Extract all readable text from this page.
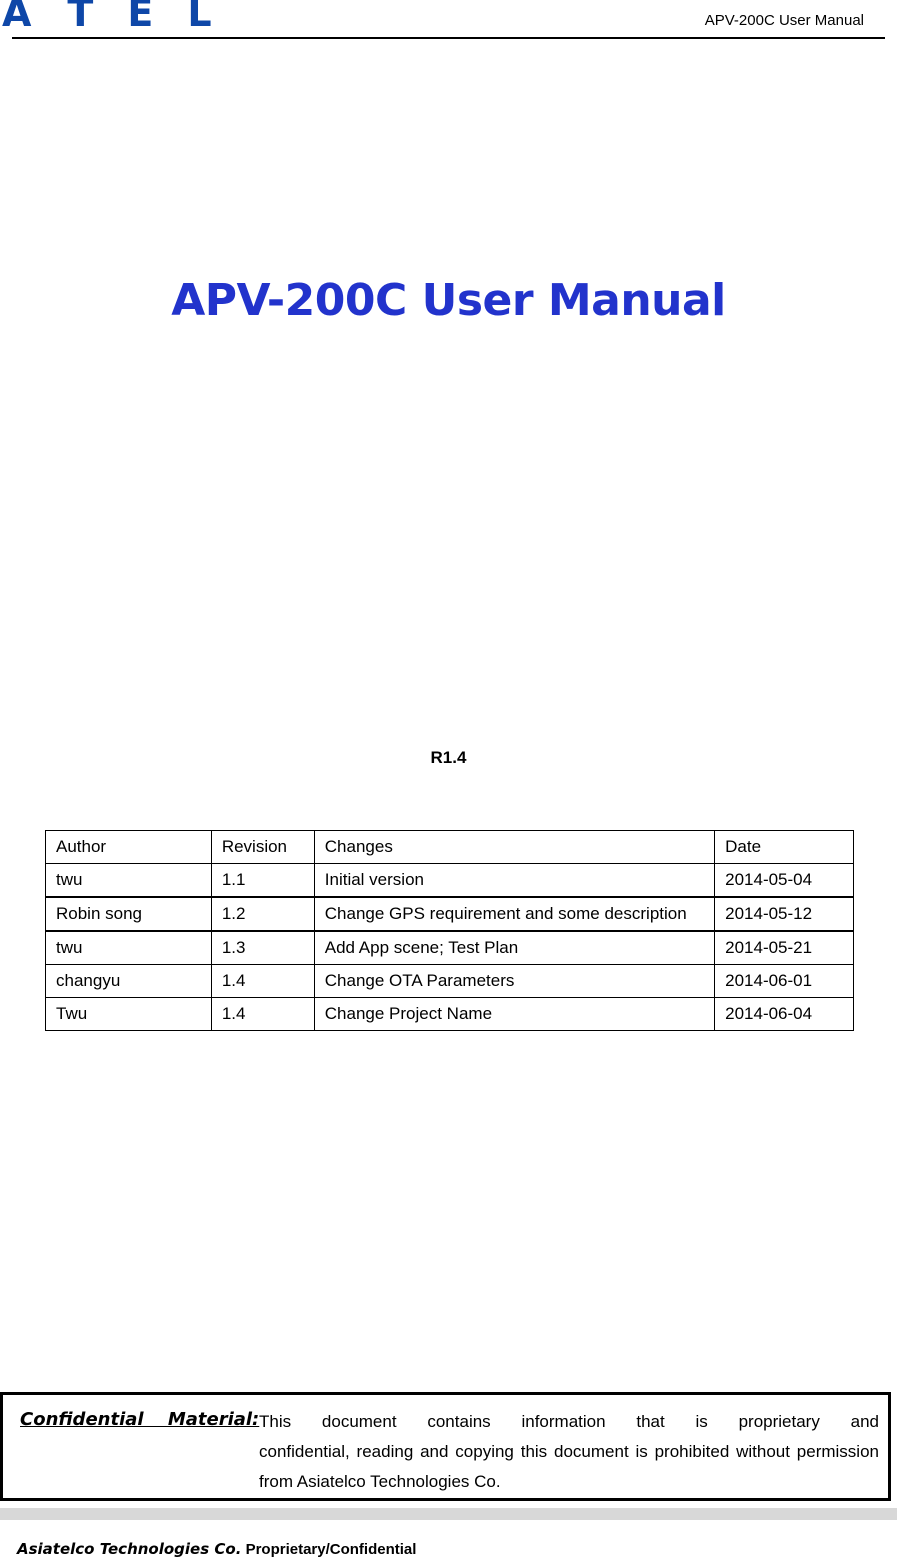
A T E L	APV-200C User Manual
APV-200C User Manual
R1.4
Author	Revision	Changes	Date
twu	1.1	Initial version	2014-05-04
Robin song	1.2	Change GPS requirement and some description	2014-05-12
twu	1.3	Add App scene; Test Plan	2014-05-21
changyu	1.4	Change OTA Parameters	2014-06-01
Twu	1.4	Change Project Name	2014-06-04
Confidential Material: This document contains information that is proprietary and
confidential, reading and copying this document is prohibited without permission from Asiatelco Technologies Co.
Asiatelco Technologies Co. Proprietary/Confidential
